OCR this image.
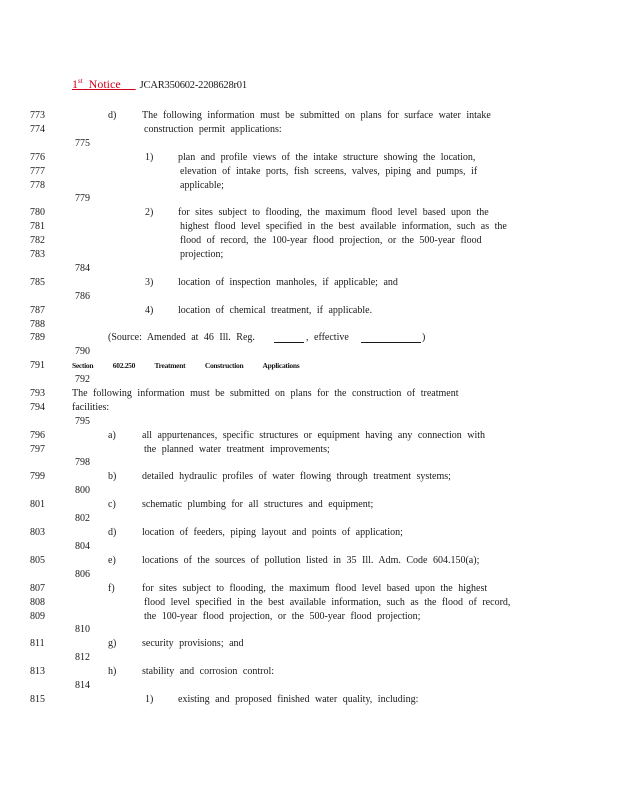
1st Notice JCAR350602-2208628r01
773	d)	The following information must be submitted on plans for surface water intake
774	construction permit applications:
775
776	1) plan and profile views of the intake structure showing the location,
777	elevation of intake ports, fish screens, valves, piping and pumps, if
778	applicable;
779
780	2) for sites subject to flooding, the maximum flood level based upon the
781	highest flood level specified in the best available information, such as the
782	flood of record, the 100-year flood projection, or the 500-year flood
783	projection;
784
785	3) location of inspection manholes, if applicable; and
786
787	4) location of chemical treatment, if applicable.
788
789	(Source: Amended at 46 Ill. Reg.	, effective	)
790
791	Section 602.250 Treatment Construction Applications
792
793	The following information must be submitted on plans for the construction of treatment
794	facilities:
795
796	a)	all appurtenances, specific structures or equipment having any connection with
797	the planned water treatment improvements;
798
799	b)	detailed hydraulic profiles of water flowing through treatment systems;
800
801	c)	schematic plumbing for all structures and equipment;
802
803	d)	location of feeders, piping layout and points of application;
804
805	e)	locations of the sources of pollution listed in 35 Ill. Adm. Code 604.150(a);
806
807	f)	for sites subject to flooding, the maximum flood level based upon the highest
808	flood level specified in the best available information, such as the flood of record,
809	the 100-year flood projection, or the 500-year flood projection;
810
811	g)	security provisions; and
812
813	h)	stability and corrosion control:
814
815	1) existing and proposed finished water quality, including:
